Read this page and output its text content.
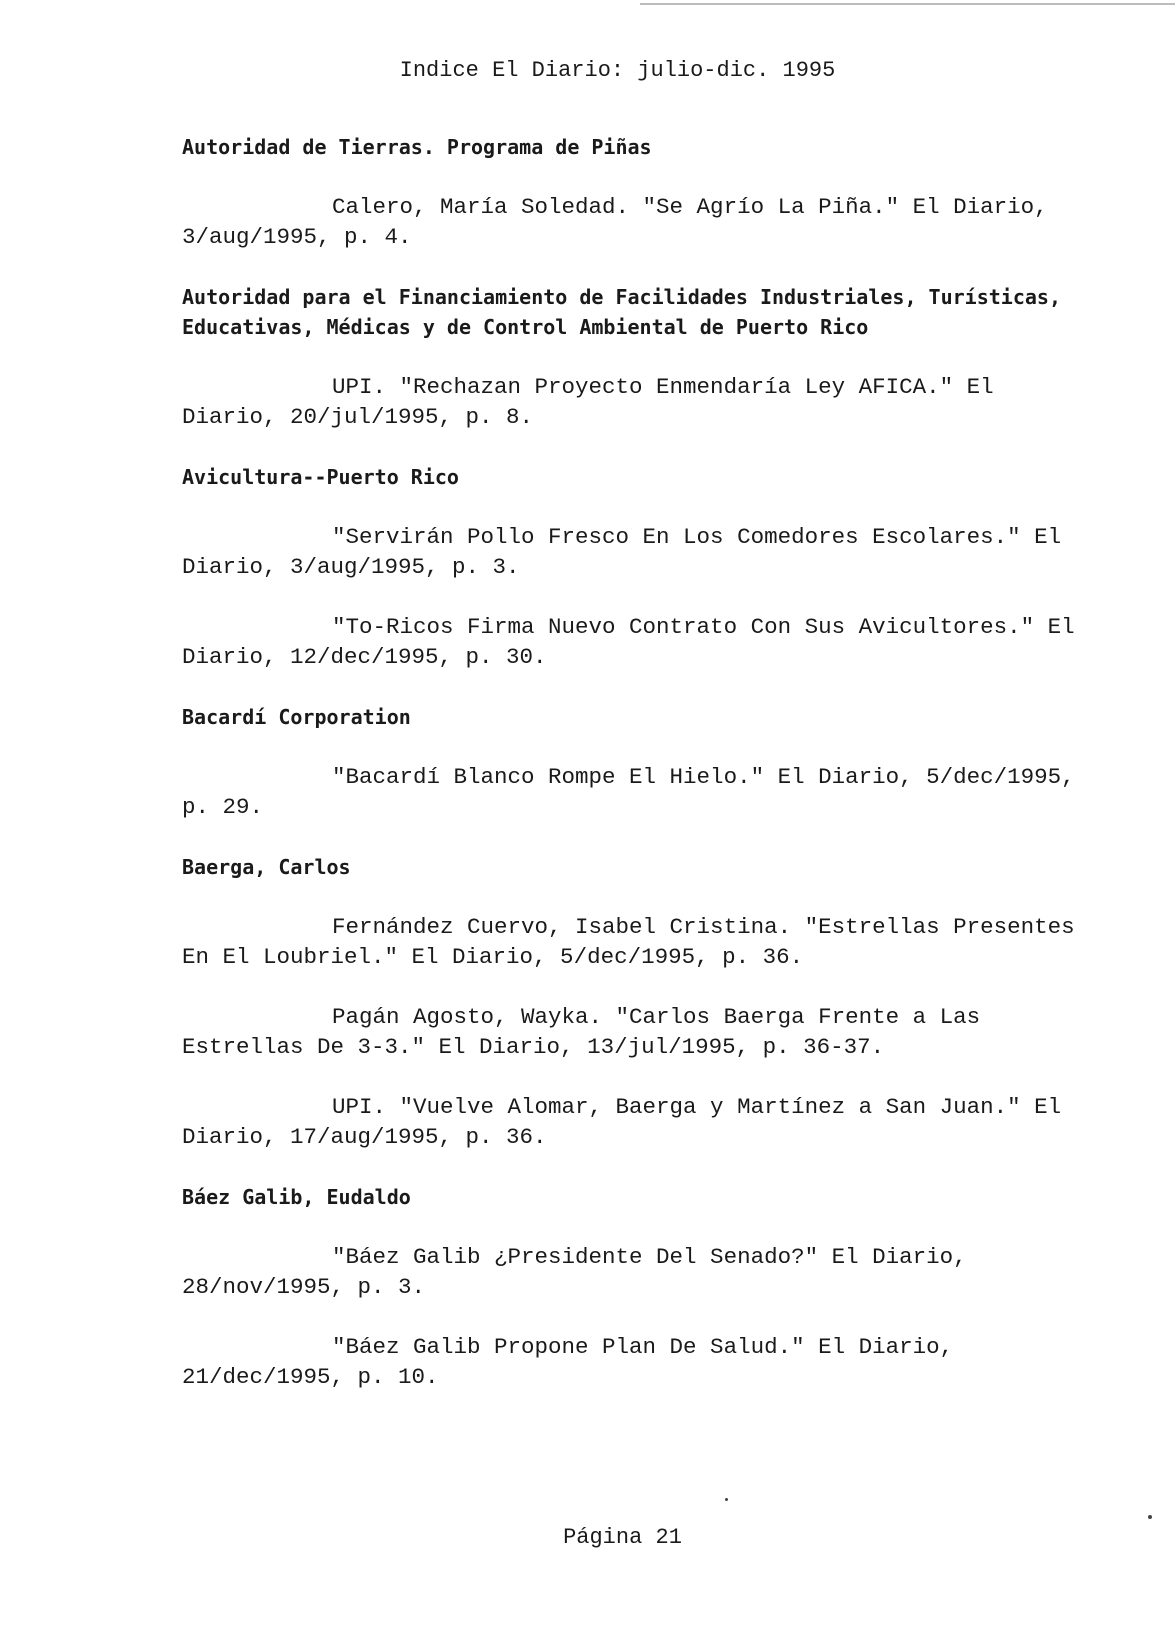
Indice El Diario: julio-dic. 1995
Autoridad de Tierras. Programa de Piñas
Calero, María Soledad. "Se Agrío La Piña." El Diario, 3/aug/1995, p. 4.
Autoridad para el Financiamiento de Facilidades Industriales, Turísticas, Educativas, Médicas y de Control Ambiental de Puerto Rico
UPI. "Rechazan Proyecto Enmendaría Ley AFICA." El Diario, 20/jul/1995, p. 8.
Avicultura--Puerto Rico
"Servirán Pollo Fresco En Los Comedores Escolares." El Diario, 3/aug/1995, p. 3.
"To-Ricos Firma Nuevo Contrato Con Sus Avicultores." El Diario, 12/dec/1995, p. 30.
Bacardí Corporation
"Bacardí Blanco Rompe El Hielo." El Diario, 5/dec/1995, p. 29.
Baerga, Carlos
Fernández Cuervo, Isabel Cristina. "Estrellas Presentes En El Loubriel." El Diario, 5/dec/1995, p. 36.
Pagán Agosto, Wayka. "Carlos Baerga Frente a Las Estrellas De 3-3." El Diario, 13/jul/1995, p. 36-37.
UPI. "Vuelve Alomar, Baerga y Martínez a San Juan." El Diario, 17/aug/1995, p. 36.
Báez Galib, Eudaldo
"Báez Galib ¿Presidente Del Senado?" El Diario, 28/nov/1995, p. 3.
"Báez Galib Propone Plan De Salud." El Diario, 21/dec/1995, p. 10.
Página 21
